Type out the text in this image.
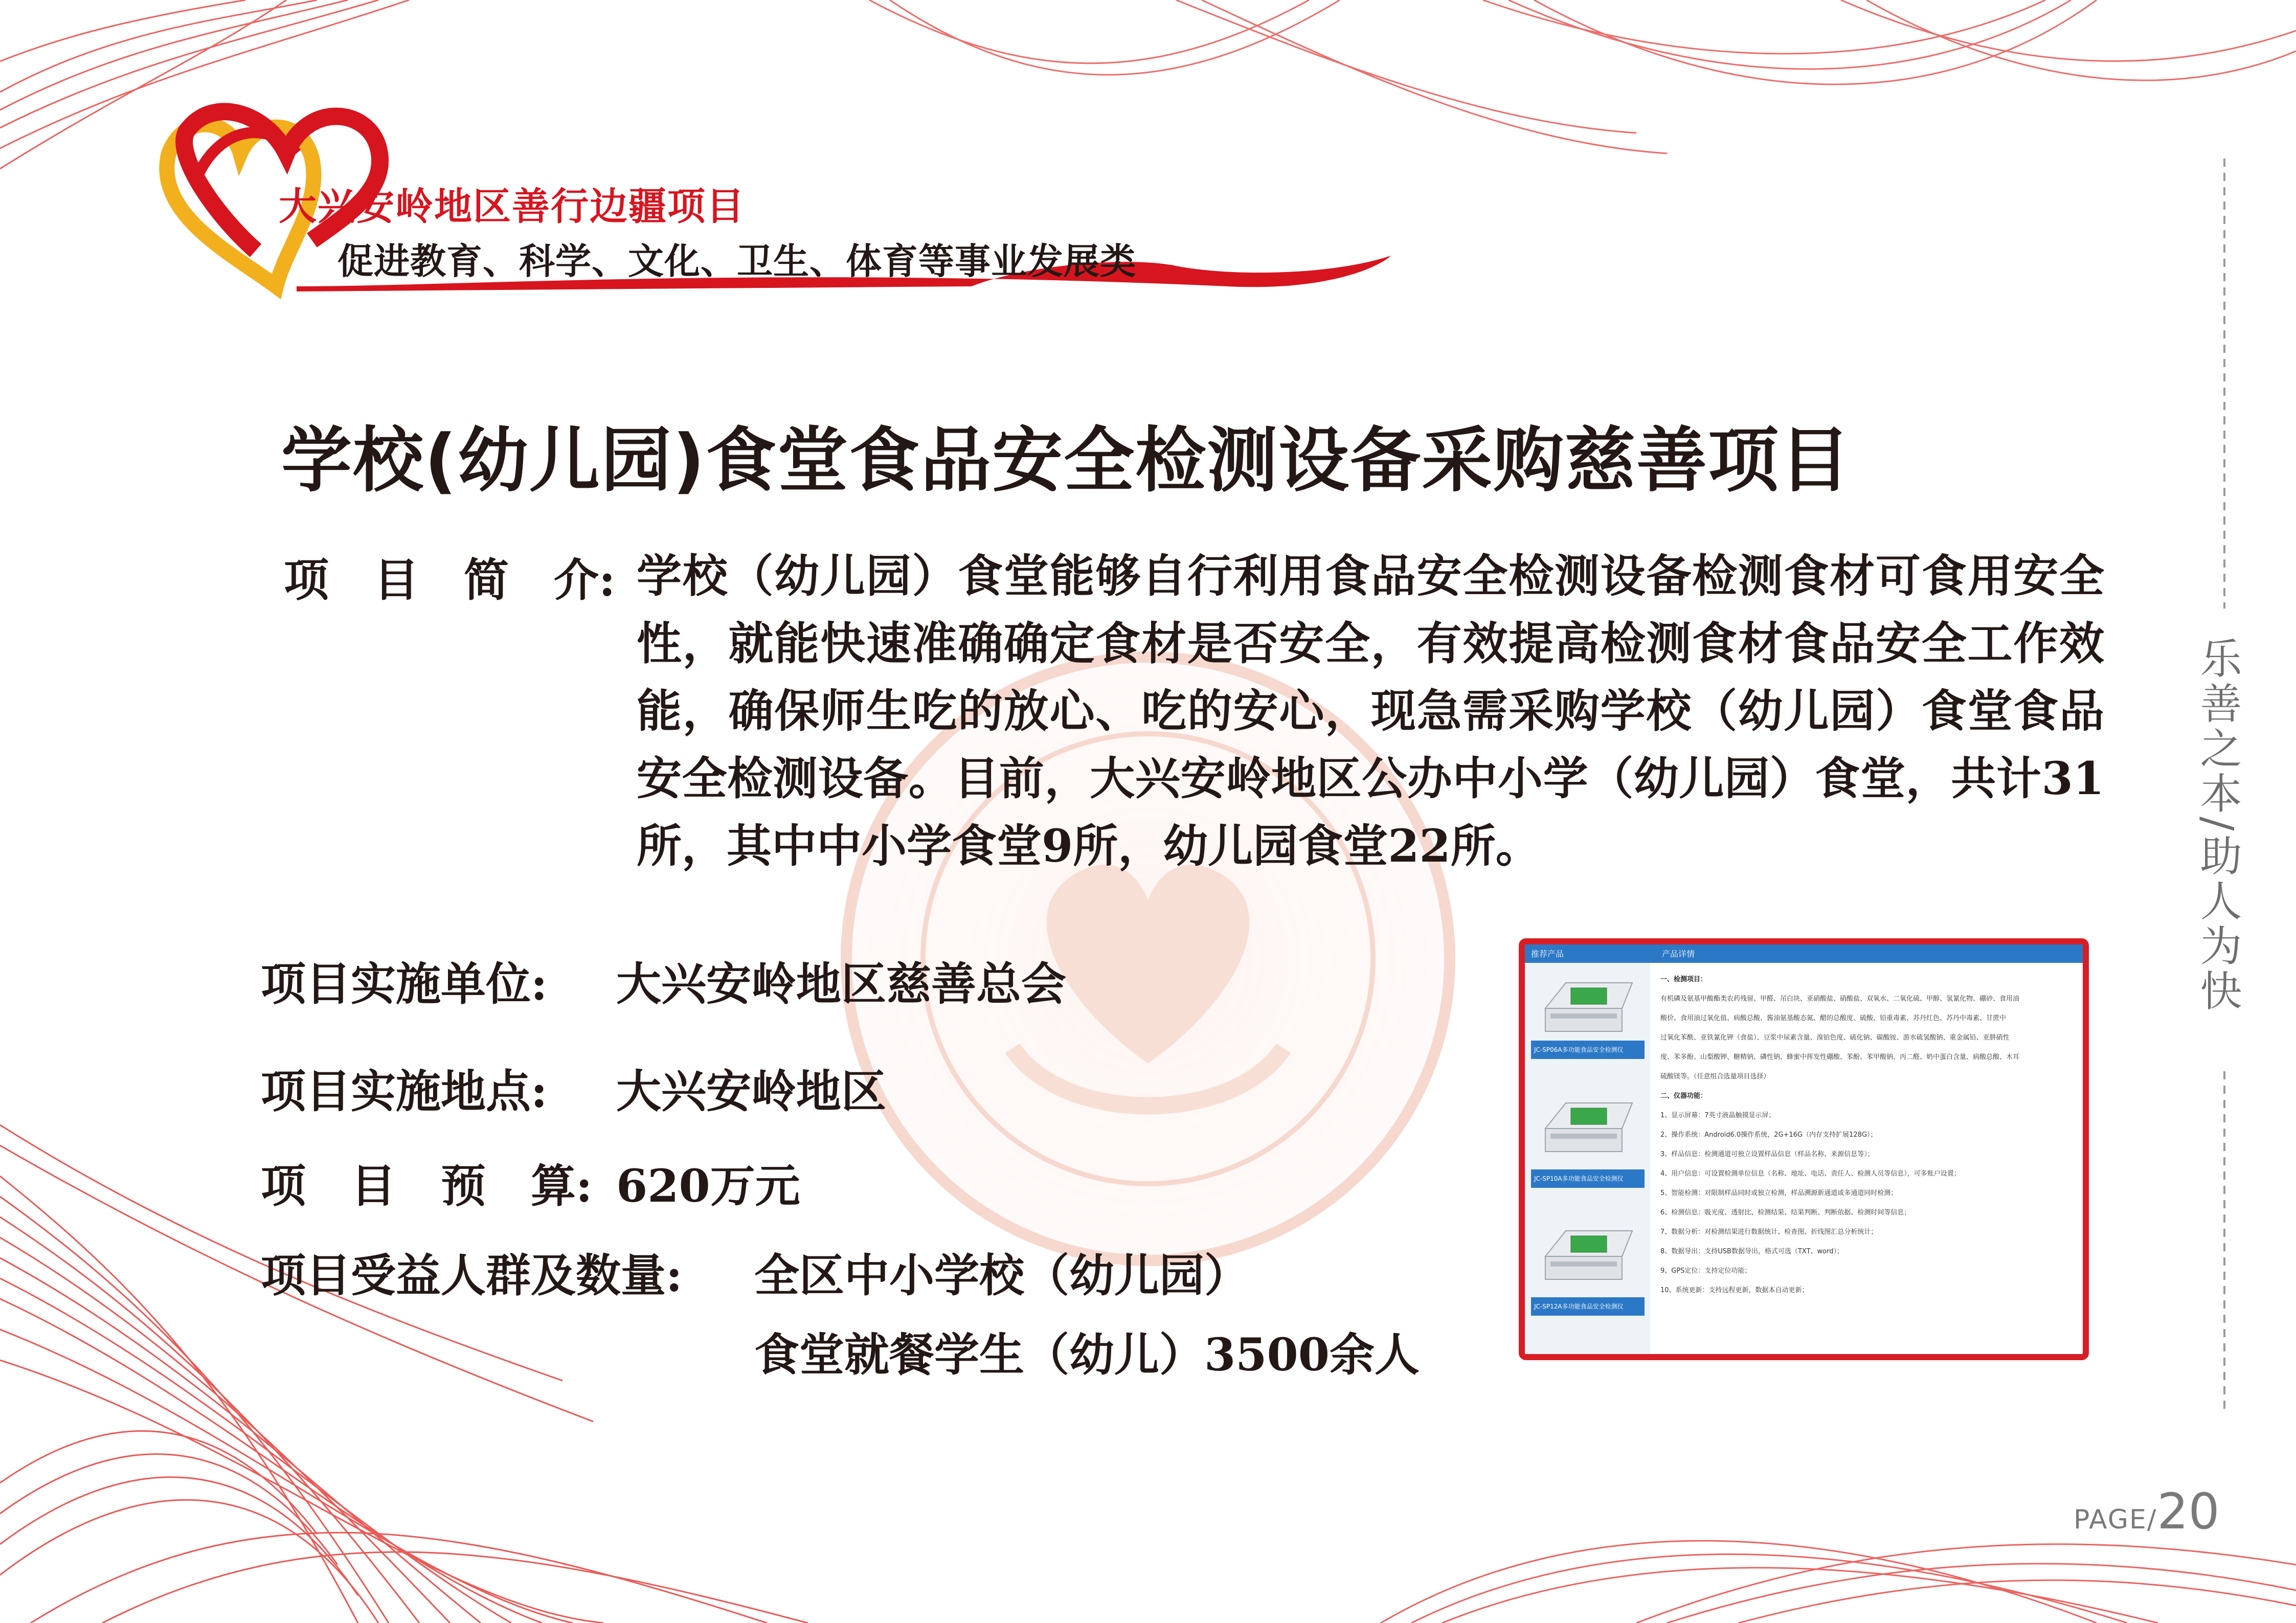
大兴安岭地区善行边疆项目
促进教育、科学、文化、卫生、体育等事业发展类
学校(幼儿园)食堂食品安全检测设备采购慈善项目
项　目　简　介: 学校（幼儿园）食堂能够自行利用食品安全检测设备检测食材可食用安全性，就能快速准确确定食材是否安全，有效提高检测食材食品安全工作效能，确保师生吃的放心、吃的安心，现急需采购学校（幼儿园）食堂食品安全检测设备。目前，大兴安岭地区公办中小学（幼儿园）食堂，共计31所，其中中小学食堂9所，幼儿园食堂22所。
项目实施单位: 大兴安岭地区慈善总会
项目实施地点: 大兴安岭地区
项　目　预　算: 620万元
项目受益人群及数量: 全区中小学校（幼儿园）
食堂就餐学生（幼儿）3500余人
推荐产品	产品详情
JC-SP06A多功能食品安全检测仪
JC-SP10A多功能食品安全检测仪
JC-SP12A多功能食品安全检测仪
一、检测项目：
有机磷及氨基甲酸酯类农药残留、甲醛、吊白块、亚硝酸盐、硝酸盐、双氧水、二氧化硫、甲醇、氢氰化物、硼砂、食用油
酸价、食用油过氧化值、病酸总酸、酱油氨基酸态氮、醋的总酸度、硫酸、铅重毒素、苏丹红色、苏丹中毒素、甘蔗中
过氧化苯酰、亚铁氰化钾（食盐）、豆浆中尿素含量、溴铂色度、硫化钠、碳酸铵、游水硫氢酸钠、重金属铅、亚肼硝性
度、苯多酚、山梨酸钾、糖精钠、磷性钠、蜂蜜中挥发性硼酸、苯酚、苯甲酸钠、丙二醛、奶中蛋白含量、病酸总酸、木耳
硫酸镁等。（任意组合选量项目选择）
二、仪器功能：
1、显示屏幕：7英寸液晶触摸显示屏；
2、操作系统：Android6.0操作系统，2G+16G（内存支持扩展128G）；
3、样品信息：检测通道可独立设置样品信息（样品名称、来源信息等）；
4、用户信息：可设置检测单位信息（名称、地址、电话、责任人、检测人员等信息），可多账户设置；
5、智能检测：对限制样品同时或独立检测，样品溯源新通道或多通道同时检测；
6、检测信息：吸光度、透射比、检测结果、结果判断、判断依据、检测时间等信息；
7、数据分析：对检测结果进行数据统计、检查图、折线图汇总分析统计；
8、数据导出：支持USB数据导出，格式可选（TXT、word）；
9、GPS定位：支持定位功能；
10、系统更新：支持远程更新，数据本自动更新；
乐善之本/助人为快
PAGE/20
